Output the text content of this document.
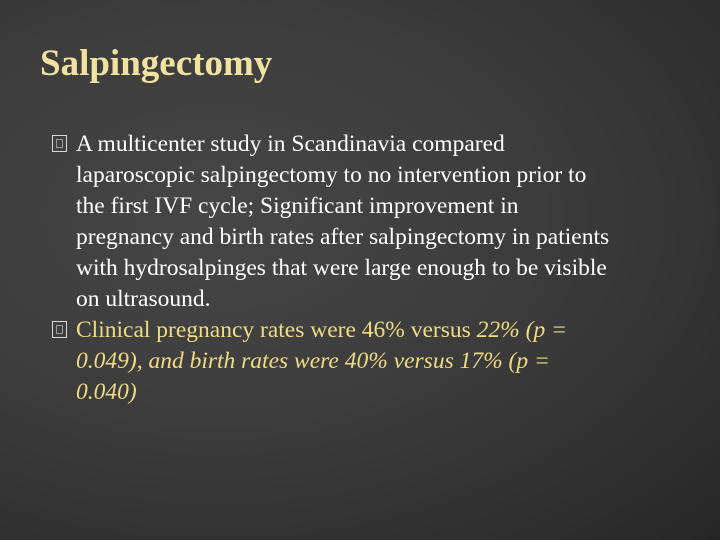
Salpingectomy
A multicenter study in Scandinavia compared laparoscopic salpingectomy to no intervention prior to the first IVF cycle; Significant improvement in pregnancy and birth rates after salpingectomy in patients with hydrosalpinges that were large enough to be visible on ultrasound.
Clinical pregnancy rates were 46% versus 22% (p = 0.049), and birth rates were 40% versus 17% (p = 0.040)
